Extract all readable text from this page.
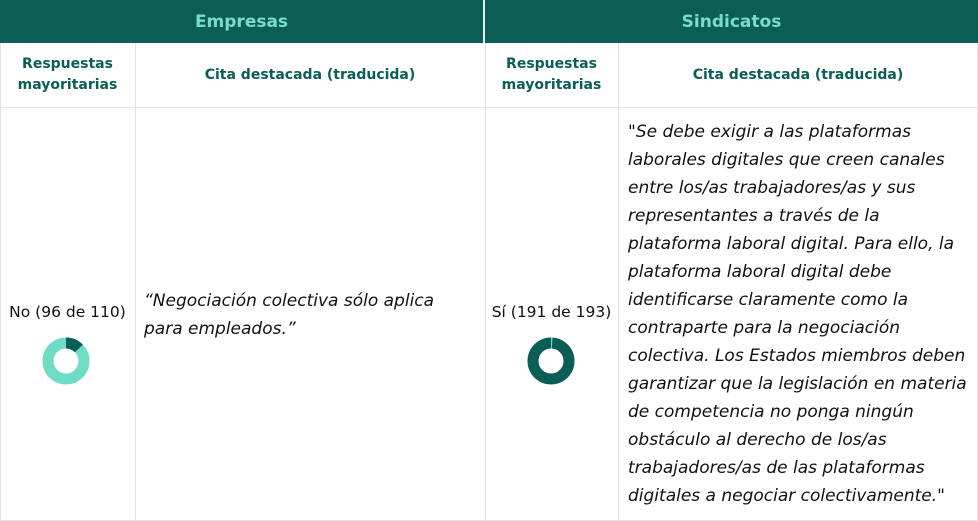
Empresas	Sindicatos
Respuestas mayoritarias
Cita destacada (traducida)
Respuestas mayoritarias
Cita destacada (traducida)
No (96 de 110)
“Negociación colectiva sólo aplica para empleados.”
Sí (191 de 193)
"Se debe exigir a las plataformas laborales digitales que creen canales entre los/as trabajadores/as y sus representantes a través de la plataforma laboral digital. Para ello, la plataforma laboral digital debe identificarse claramente como la contraparte para la negociación colectiva. Los Estados miembros deben garantizar que la legislación en materia de competencia no ponga ningún obstáculo al derecho de los/as trabajadores/as de las plataformas digitales a negociar colectivamente."
